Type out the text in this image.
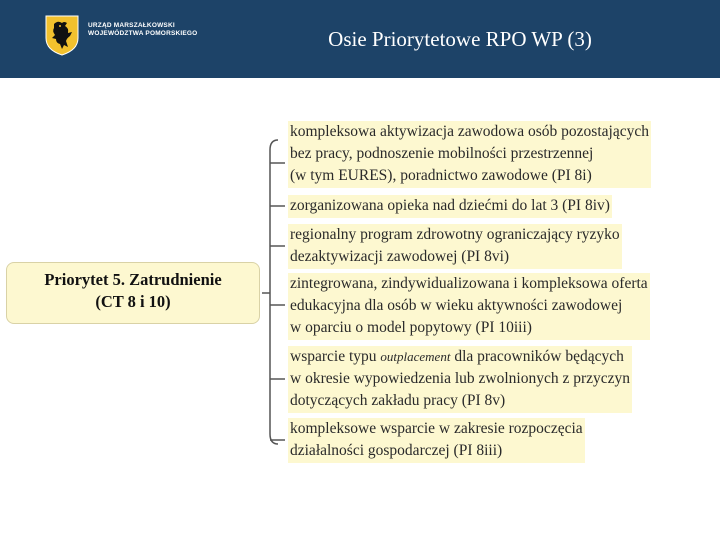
URZĄD MARSZAŁKOWSKI
WOJEWÓDZTWA POMORSKIEGO	Osie Priorytetowe RPO WP (3)
Priorytet 5. Zatrudnienie
(CT 8 i 10)
kompleksowa aktywizacja zawodowa osób pozostających
bez pracy, podnoszenie mobilności przestrzennej
(w tym EURES), poradnictwo zawodowe (PI 8i)
zorganizowana opieka nad dziećmi do lat 3 (PI 8iv)
regionalny program zdrowotny ograniczający ryzyko
dezaktywizacji zawodowej (PI 8vi)
zintegrowana, zindywidualizowana i kompleksowa oferta
edukacyjna dla osób w wieku aktywności zawodowej
w oparciu o model popytowy (PI 10iii)
wsparcie typu outplacement dla pracowników będących
w okresie wypowiedzenia lub zwolnionych z przyczyn
dotyczących zakładu pracy (PI 8v)
kompleksowe wsparcie w zakresie rozpoczęcia
działalności gospodarczej (PI 8iii)
